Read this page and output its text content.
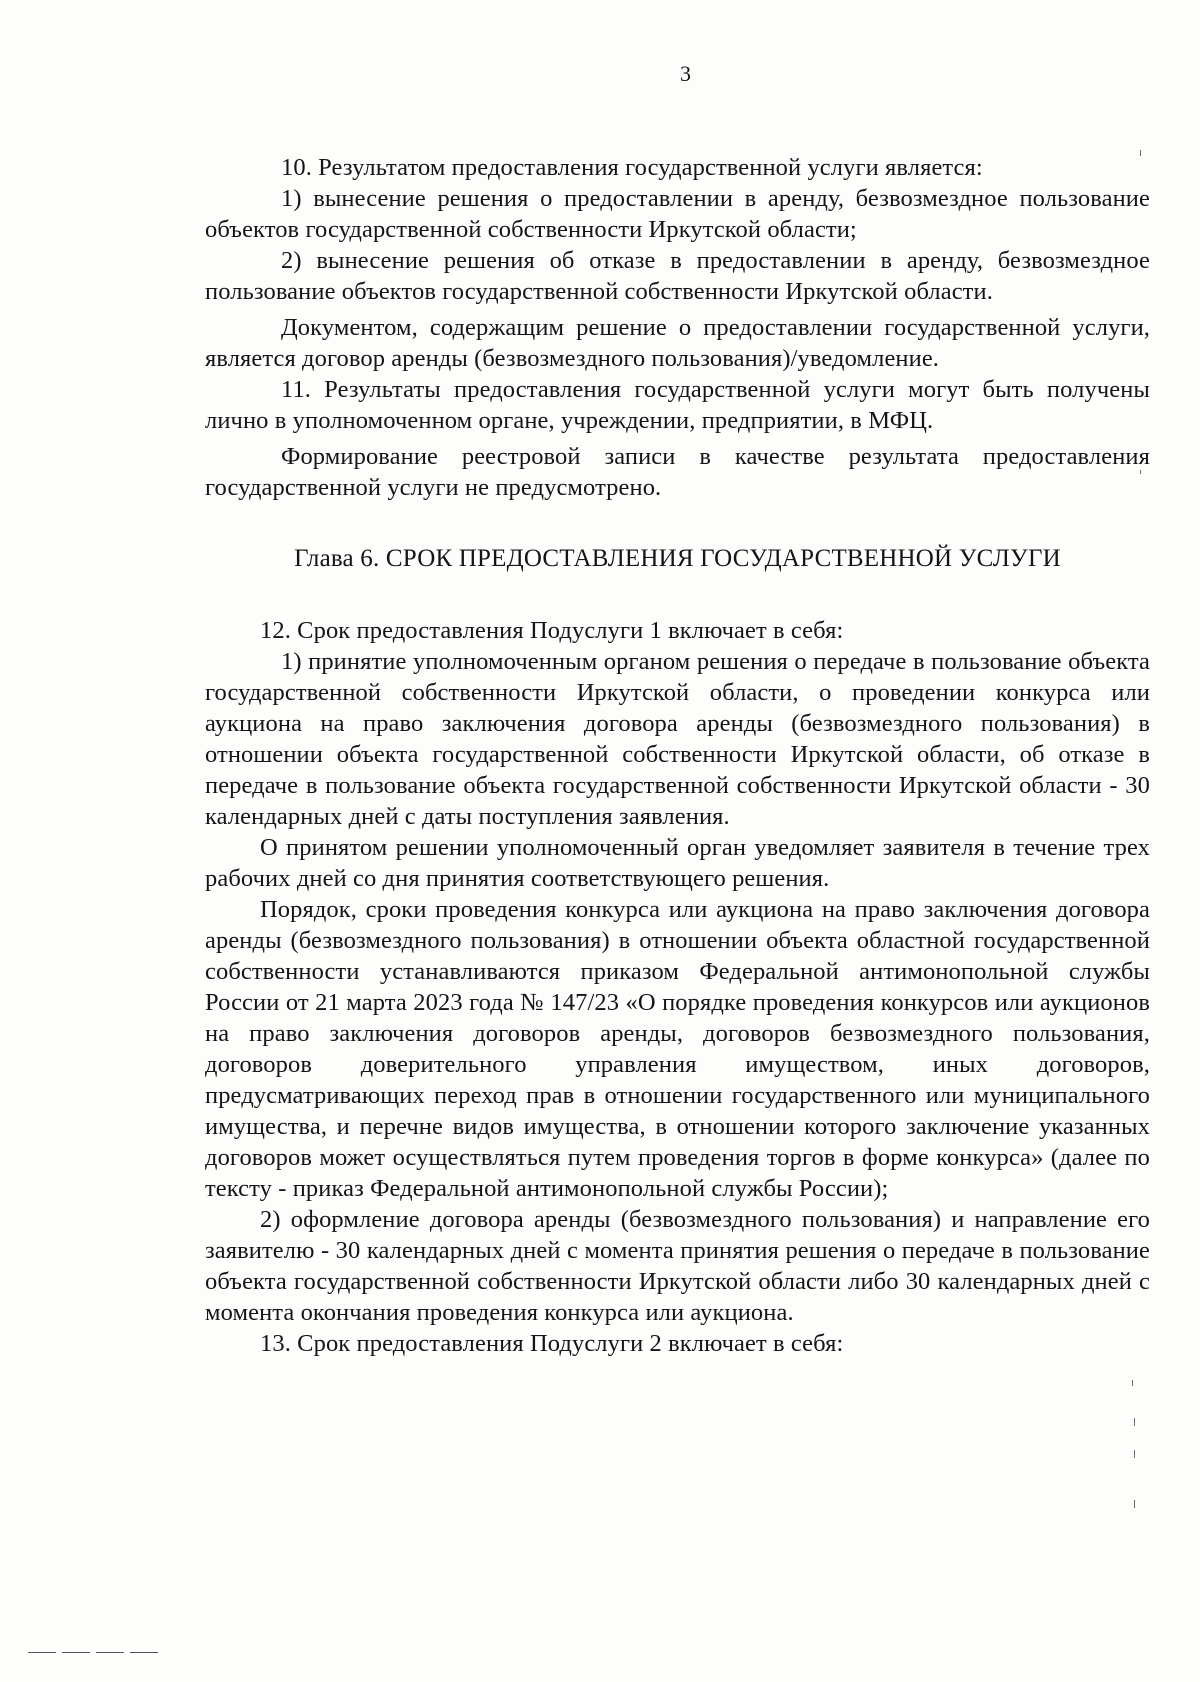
3

10. Результатом предоставления государственной услуги является:

1) вынесение решения о предоставлении в аренду, безвозмездное пользование объектов государственной собственности Иркутской области;

2) вынесение решения об отказе в предоставлении в аренду, безвозмездное пользование объектов государственной собственности Иркутской области.

Документом, содержащим решение о предоставлении государственной услуги, является договор аренды (безвозмездного пользования)/уведомление.

11. Результаты предоставления государственной услуги могут быть получены лично в уполномоченном органе, учреждении, предприятии, в МФЦ.

Формирование реестровой записи в качестве результата предоставления государственной услуги не предусмотрено.

Глава 6. СРОК ПРЕДОСТАВЛЕНИЯ ГОСУДАРСТВЕННОЙ УСЛУГИ

12. Срок предоставления Подуслуги 1 включает в себя:

1) принятие уполномоченным органом решения о передаче в пользование объекта государственной собственности Иркутской области, о проведении конкурса или аукциона на право заключения договора аренды (безвозмездного пользования) в отношении объекта государственной собственности Иркутской области, об отказе в передаче в пользование объекта государственной собственности Иркутской области - 30 календарных дней с даты поступления заявления.

О принятом решении уполномоченный орган уведомляет заявителя в течение трех рабочих дней со дня принятия соответствующего решения.

Порядок, сроки проведения конкурса или аукциона на право заключения договора аренды (безвозмездного пользования) в отношении объекта областной государственной собственности устанавливаются приказом Федеральной антимонопольной службы России от 21 марта 2023 года № 147/23 «О порядке проведения конкурсов или аукционов на право заключения договоров аренды, договоров безвозмездного пользования, договоров доверительного управления имуществом, иных договоров, предусматривающих переход прав в отношении государственного или муниципального имущества, и перечне видов имущества, в отношении которого заключение указанных договоров может осуществляться путем проведения торгов в форме конкурса» (далее по тексту - приказ Федеральной антимонопольной службы России);

2) оформление договора аренды (безвозмездного пользования) и направление его заявителю - 30 календарных дней с момента принятия решения о передаче в пользование объекта государственной собственности Иркутской области либо 30 календарных дней с момента окончания проведения конкурса или аукциона.

13. Срок предоставления Подуслуги 2 включает в себя:
